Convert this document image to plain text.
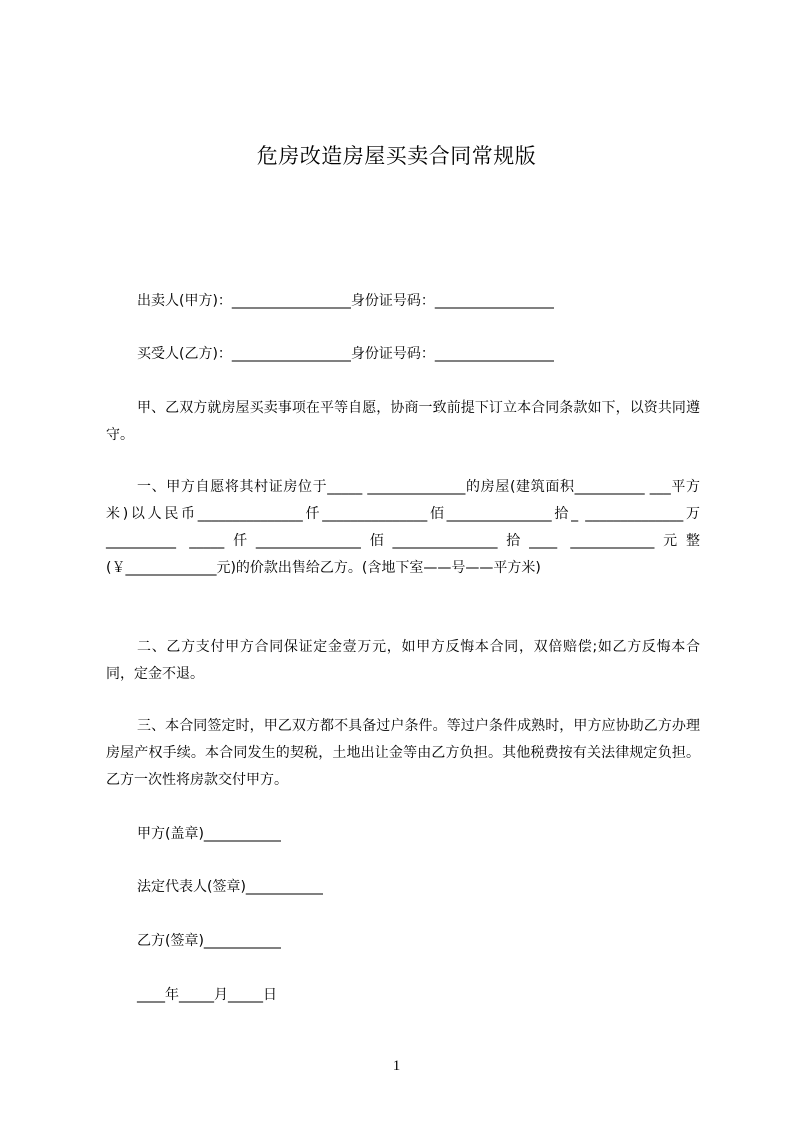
危房改造房屋买卖合同常规版
出卖人(甲方)：_________________身份证号码：_________________
买受人(乙方)：_________________身份证号码：_________________
甲、乙双方就房屋买卖事项在平等自愿，协商一致前提下订立本合同条款如下，以资共同遵守。
一、甲方自愿将其村证房位于_____ ______________的房屋(建筑面积__________ ___平方米)以人民币_______________仟_______________佰_______________拾_ ______________万__________ _____仟_______________佰_______________拾____ ____________元整(￥_____________元)的价款出售给乙方。(含地下室——号——平方米)
二、乙方支付甲方合同保证定金壹万元，如甲方反悔本合同，双倍赔偿;如乙方反悔本合同，定金不退。
三、本合同签定时，甲乙双方都不具备过户条件。等过户条件成熟时，甲方应协助乙方办理房屋产权手续。本合同发生的契税，土地出让金等由乙方负担。其他税费按有关法律规定负担。乙方一次性将房款交付甲方。
甲方(盖章)___________
法定代表人(签章)___________
乙方(签章)___________
____年_____月_____日
1
